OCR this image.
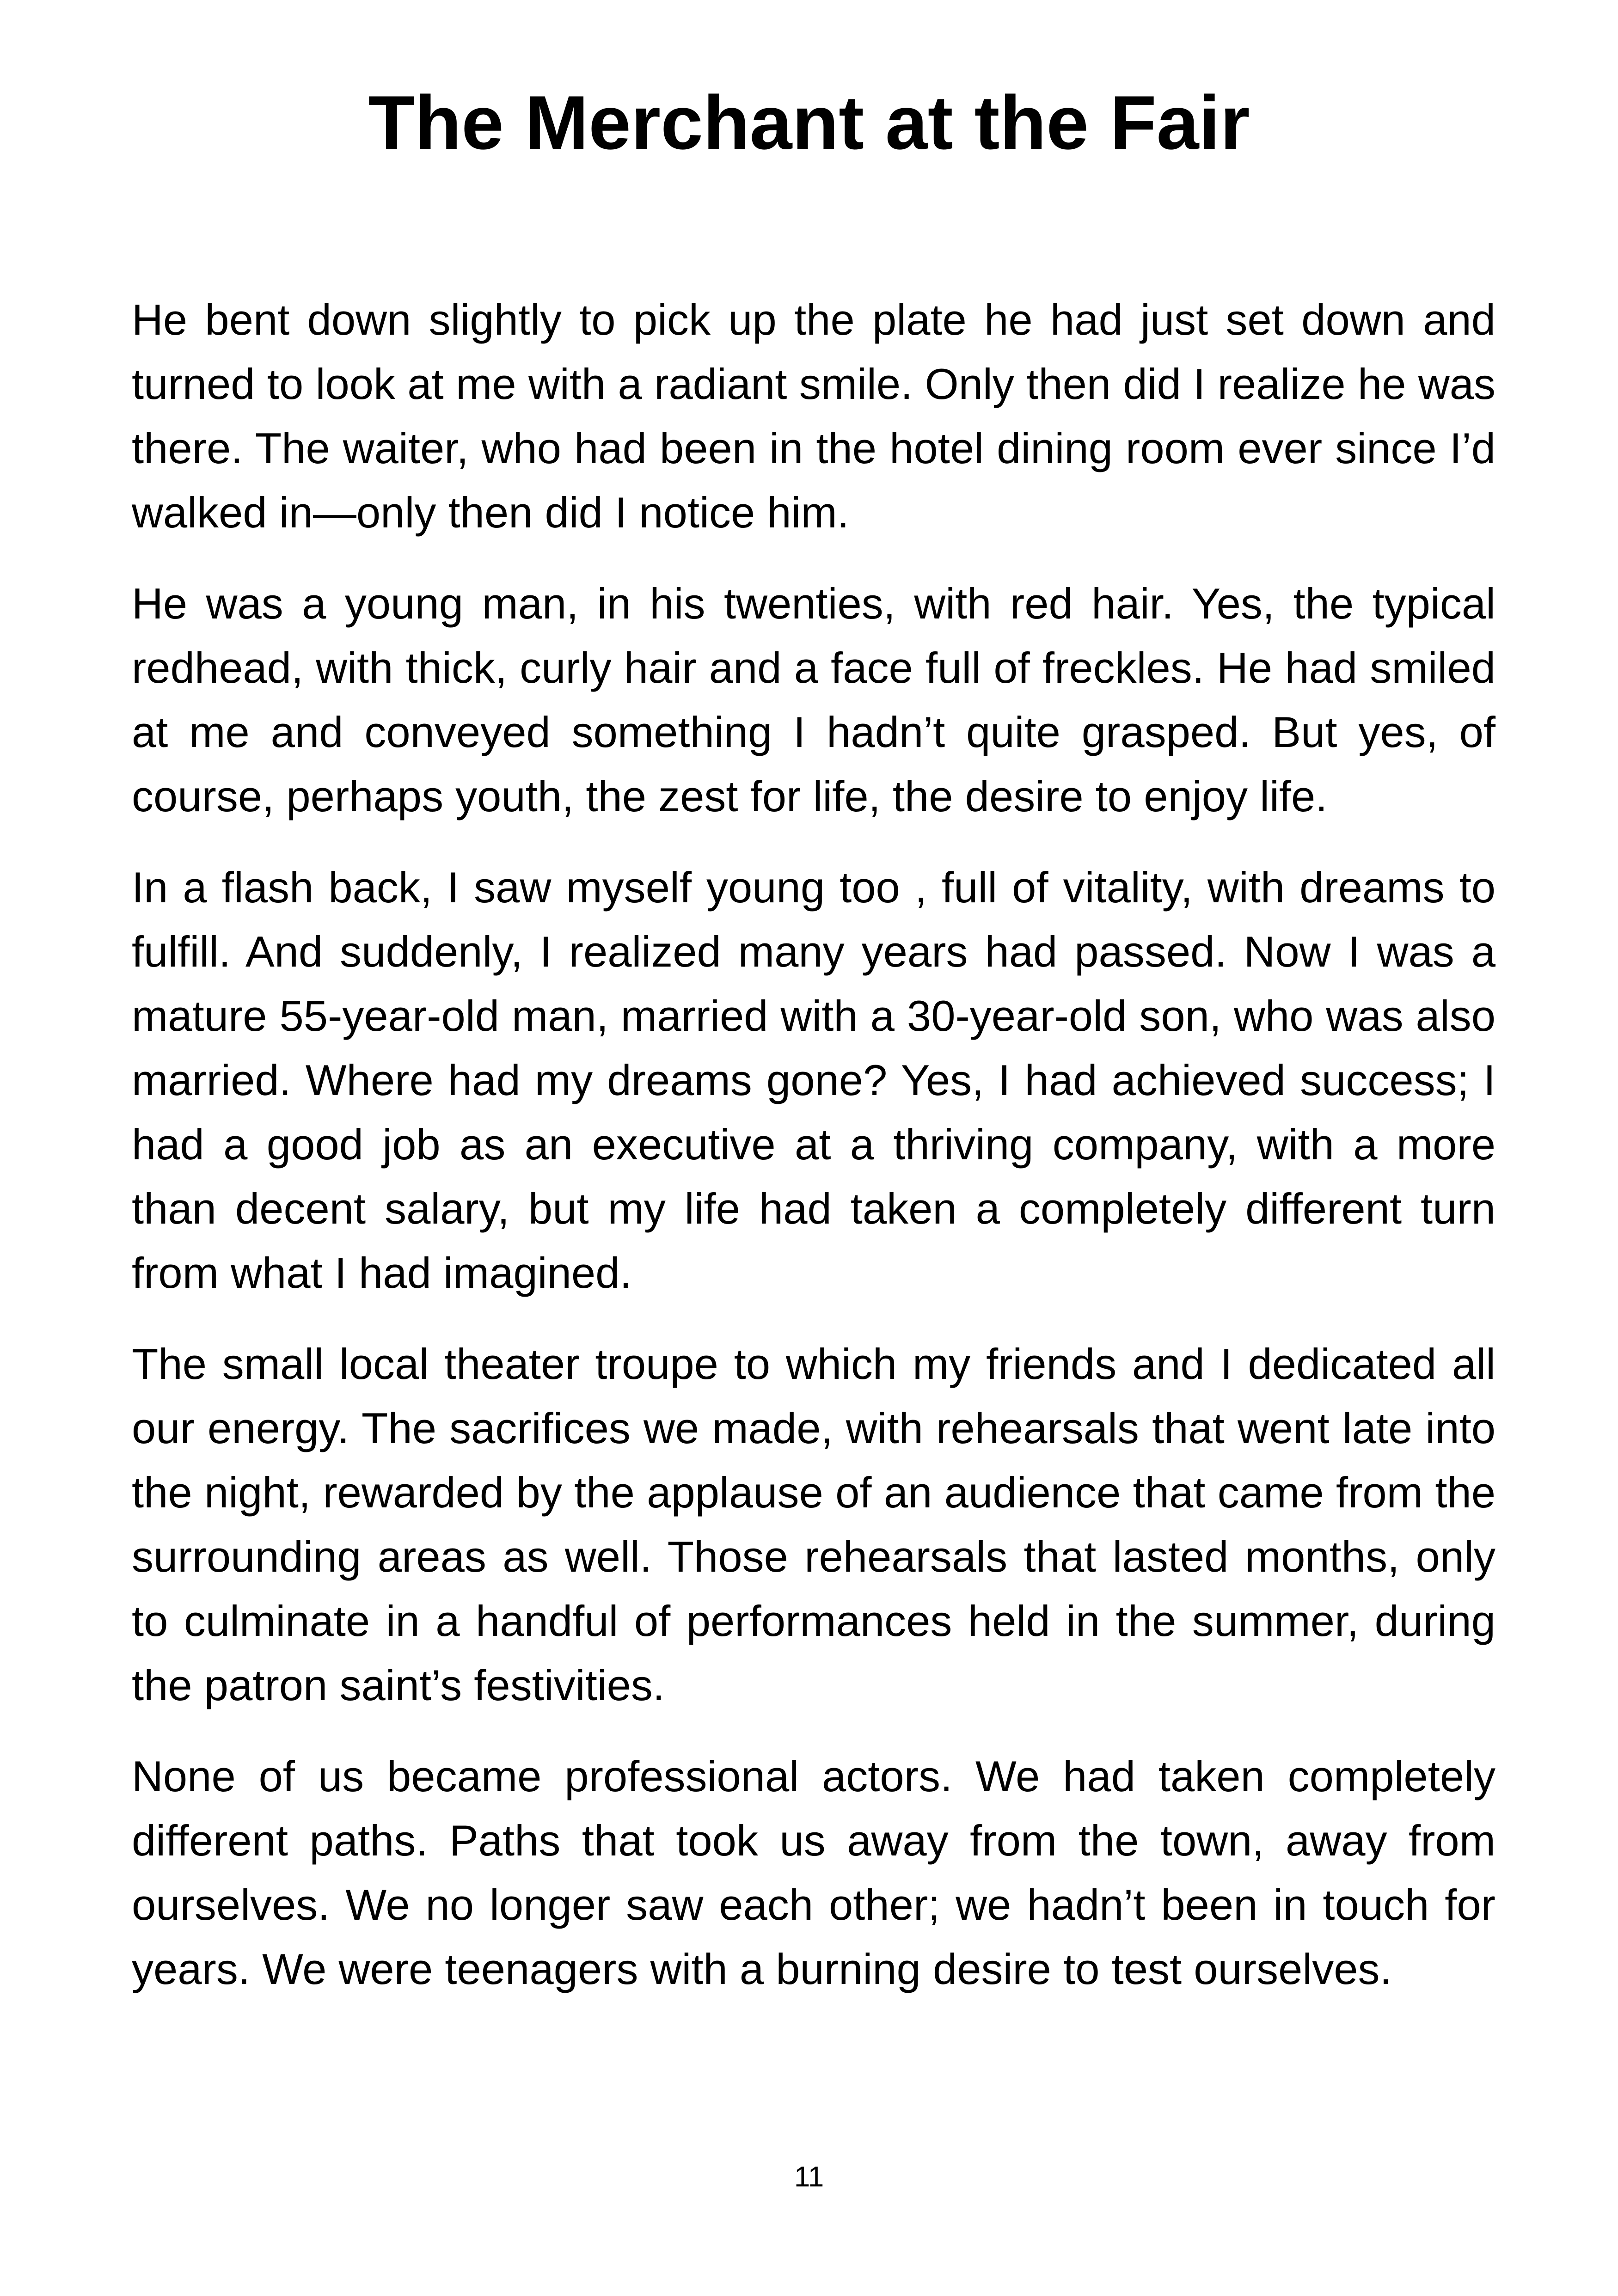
The Merchant at the Fair

He bent down slightly to pick up the plate he had just set down and turned to look at me with a radiant smile. Only then did I realize he was there. The waiter, who had been in the hotel dining room ever since I’d walked in—only then did I notice him.

He was a young man, in his twenties, with red hair. Yes, the typical redhead, with thick, curly hair and a face full of freckles. He had smiled at me and conveyed something I hadn’t quite grasped. But yes, of course, perhaps youth, the zest for life, the desire to enjoy life.

In a flash back, I saw myself young too , full of vitality, with dreams to fulfill. And suddenly, I realized many years had passed. Now I was a mature 55-year-old man, married with a 30-year-old son, who was also married. Where had my dreams gone? Yes, I had achieved success; I had a good job as an executive at a thriving company, with a more than decent salary, but my life had taken a completely different turn from what I had imagined.

The small local theater troupe to which my friends and I dedicated all our energy. The sacrifices we made, with rehearsals that went late into the night, rewarded by the applause of an audience that came from the surrounding areas as well. Those rehearsals that lasted months, only to culminate in a handful of performances held in the summer, during the patron saint’s festivities.

None of us became professional actors. We had taken completely different paths. Paths that took us away from the town, away from ourselves. We no longer saw each other; we hadn’t been in touch for years. We were teenagers with a burning desire to test ourselves.

11
